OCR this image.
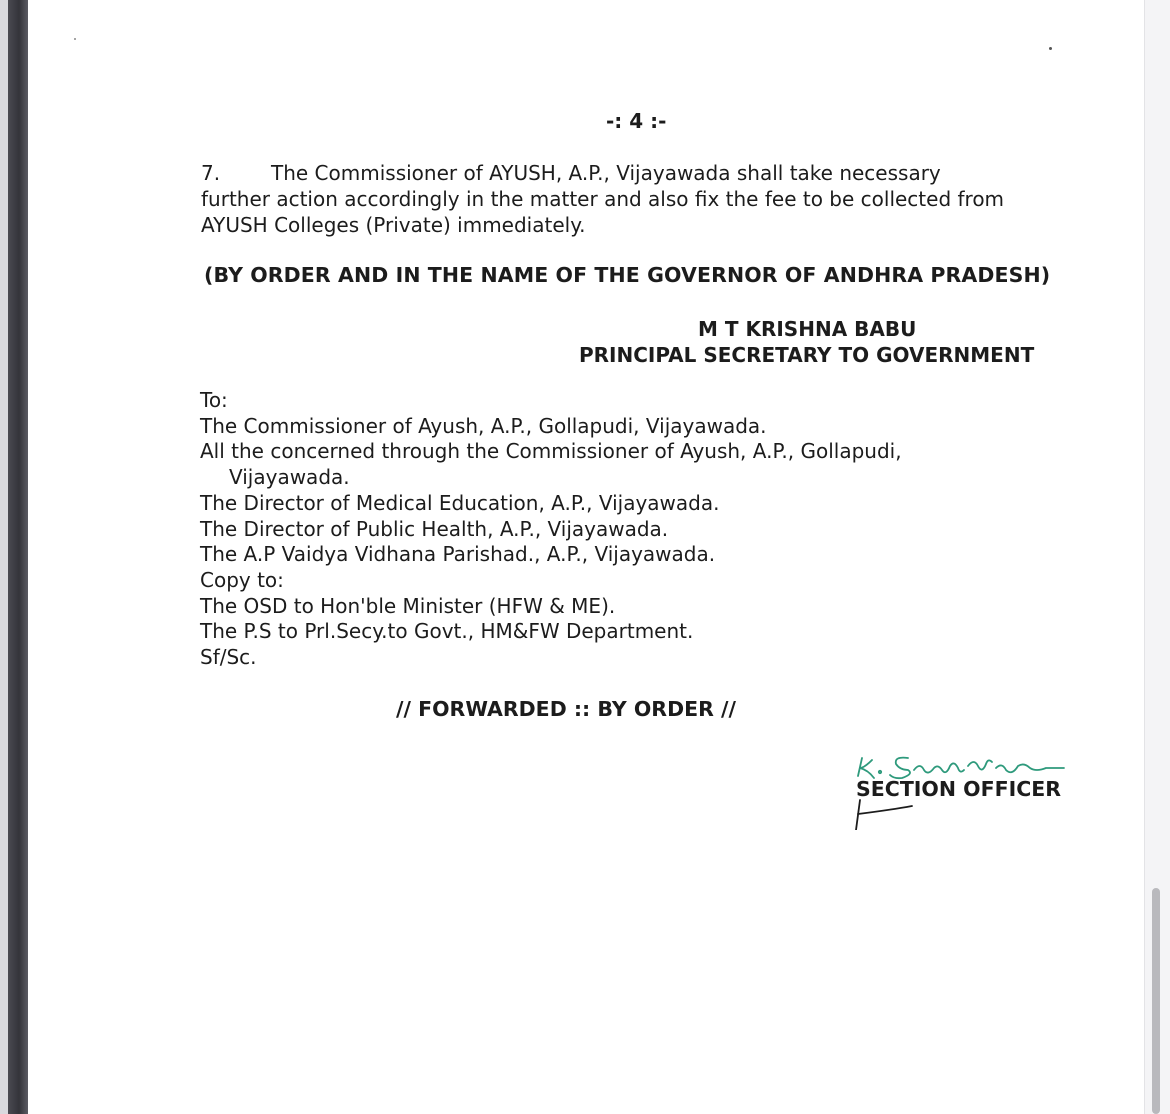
-: 4 :-

7.	The Commissioner of AYUSH, A.P., Vijayawada shall take necessary
further action accordingly in the matter and also fix the fee to be collected from
AYUSH Colleges (Private) immediately.

(BY ORDER AND IN THE NAME OF THE GOVERNOR OF ANDHRA PRADESH)

M T KRISHNA BABU

PRINCIPAL SECRETARY TO GOVERNMENT

To:
The Commissioner of Ayush, A.P., Gollapudi, Vijayawada.
All the concerned through the Commissioner of Ayush, A.P., Gollapudi,
Vijayawada.
The Director of Medical Education, A.P., Vijayawada.
The Director of Public Health, A.P., Vijayawada.
The A.P Vaidya Vidhana Parishad., A.P., Vijayawada.
Copy to:
The OSD to Hon'ble Minister (HFW & ME).
The P.S to Prl.Secy.to Govt., HM&FW Department.
Sf/Sc.

// FORWARDED :: BY ORDER //

SECTION OFFICER
